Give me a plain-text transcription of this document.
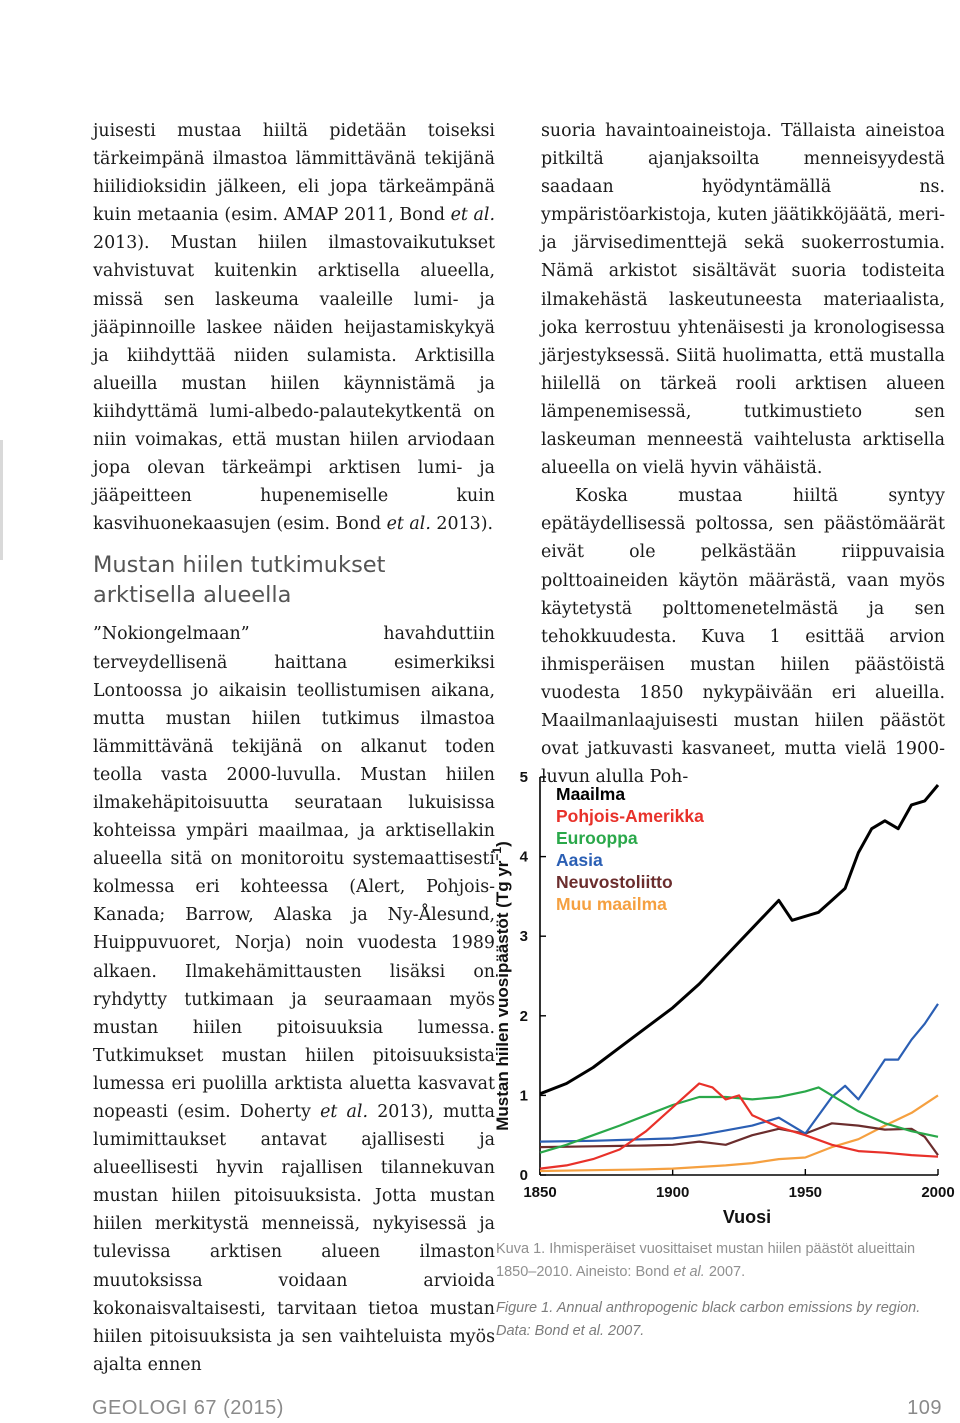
juisesti mustaa hiiltä pidetään toiseksi tärkeimpänä ilmastoa lämmittävänä tekijänä hiilidioksidin jälkeen, eli jopa tärkeämpänä kuin metaania (esim. AMAP 2011, Bond et al. 2013). Mustan hiilen ilmastovaikutukset vahvistuvat kuitenkin arktisella alueella, missä sen laskeuma vaaleille lumi- ja jääpinnoille laskee näiden heijastamiskykyä ja kiihdyttää niiden sulamista. Arktisilla alueilla mustan hiilen käynnistämä ja kiihdyttämä lumi-albedo-palautekytkentä on niin voimakas, että mustan hiilen arviodaan jopa olevan tärkeämpi arktisen lumi- ja jääpeitteen hupenemiselle kuin kasvihuonekaasujen (esim. Bond et al. 2013).

Mustan hiilen tutkimukset arktisella alueella

”Nokiongelmaan” havahduttiin terveydellisenä haittana esimerkiksi Lontoossa jo aikaisin teollistumisen aikana, mutta mustan hiilen tutkimus ilmastoa lämmittävänä tekijänä on alkanut toden teolla vasta 2000-luvulla. Mustan hiilen ilmakehäpitoisuutta seurataan lukuisissa kohteissa ympäri maailmaa, ja arktisellakin alueella sitä on monitoroitu systemaattisesti kolmessa eri kohteessa (Alert, Pohjois-Kanada; Barrow, Alaska ja Ny-Ålesund, Huippuvuoret, Norja) noin vuodesta 1989 alkaen. Ilmakehämittausten lisäksi on ryhdytty tutkimaan ja seuraamaan myös mustan hiilen pitoisuuksia lumessa. Tutkimukset mustan hiilen pitoisuuksista lumessa eri puolilla arktista aluetta kasvavat nopeasti (esim. Doherty et al. 2013), mutta lumimittaukset antavat ajallisesti ja alueellisesti hyvin rajallisen tilannekuvan mustan hiilen pitoisuuksista. Jotta mustan hiilen merkitystä menneissä, nykyisessä ja tulevissa arktisen alueen ilmaston muutoksissa voidaan arvioida kokonaisvaltaisesti, tarvitaan tietoa mustan hiilen pitoisuuksista ja sen vaihteluista myös ajalta ennen

suoria havaintoaineistoja. Tällaista aineistoa pitkiltä ajanjaksoilta menneisyydestä saadaan hyödyntämällä ns. ympäristöarkistoja, kuten jäätikköjäätä, meri- ja järvisedimenttejä sekä suokerrostumia. Nämä arkistot sisältävät suoria todisteita ilmakehästä laskeutuneesta materiaalista, joka kerrostuu yhtenäisesti ja kronologisessa järjestyksessä. Siitä huolimatta, että mustalla hiilellä on tärkeä rooli arktisen alueen lämpenemisessä, tutkimustieto sen laskeuman menneestä vaihtelusta arktisella alueella on vielä hyvin vähäistä.

Koska mustaa hiiltä syntyy epätäydellisessä poltossa, sen päästömäärät eivät ole pelkästään riippuvaisia polttoaineiden käytön määrästä, vaan myös käytetystä polttomenetelmästä ja sen tehokkuudesta. Kuva 1 esittää arvion ihmisperäisen mustan hiilen päästöistä vuodesta 1850 nykypäivään eri alueilla. Maailmanlaajuisesti mustan hiilen päästöt ovat jatkuvasti kasvaneet, mutta vielä 1900-luvun alulla Poh-

0
1
2
3
4
5
1850	1900	1950	2000
Vuosi
Mustan hiilen vuosipäästöt (Tg $yr^{-1}$)
Maailma
Pohjois-Amerikka
Eurooppa
Aasia
Neuvostoliitto
Muu maailma
Kuva 1. Ihmisperäiset vuosittaiset mustan hiilen päästöt alueittain 1850–2010. Aineisto: Bond et al. 2007.
Figure 1. Annual anthropogenic black carbon emissions by region. Data: Bond et al. 2007.
GEOLOGI 67 (2015)	109
